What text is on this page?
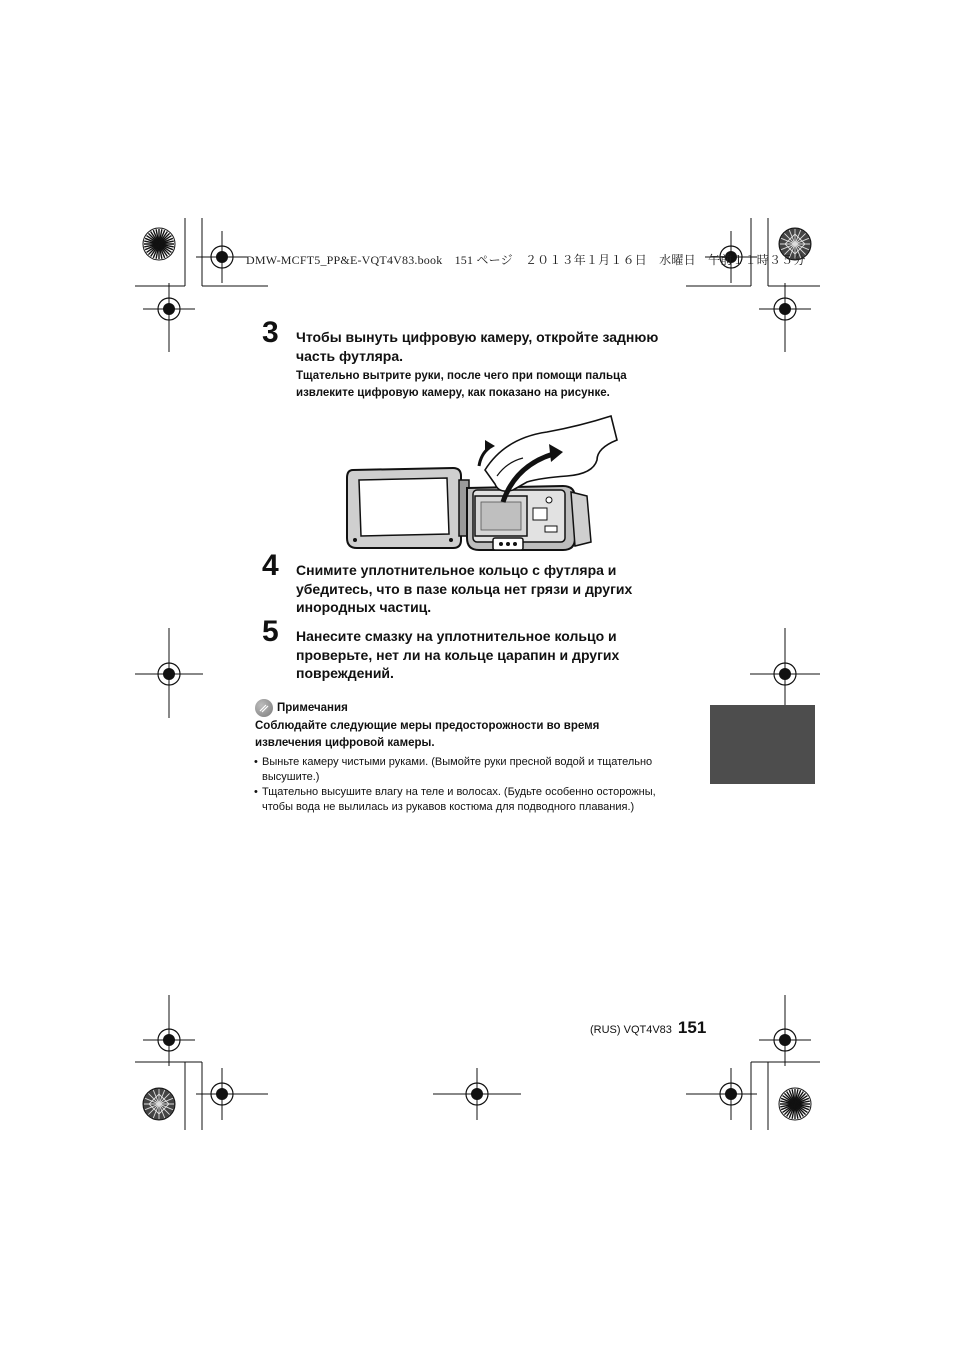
DMW-MCFT5_PP&E-VQT4V83.book　151 ページ　２０１３年１月１６日　水曜日　午前１１時３５分
3 Чтобы вынуть цифровую камеру, откройте заднюю
часть футляра.
Тщательно вытрите руки, после чего при помощи пальца
извлеките цифровую камеру, как показано на рисунке.
4 Снимите уплотнительное кольцо с футляра и
убедитесь, что в пазе кольца нет грязи и других
инородных частиц.
5 Нанесите смазку на уплотнительное кольцо и
проверьте, нет ли на кольце царапин и других
повреждений.
Примечания
Соблюдайте следующие меры предосторожности во время
извлечения цифровой камеры.
• Выньте камеру чистыми руками. (Вымойте руки пресной водой и тщательно
высушите.)
• Тщательно высушите влагу на теле и волосах. (Будьте особенно осторожны,
чтобы вода не вылилась из рукавов костюма для подводного плавания.)
(RUS) VQT4V83 151
